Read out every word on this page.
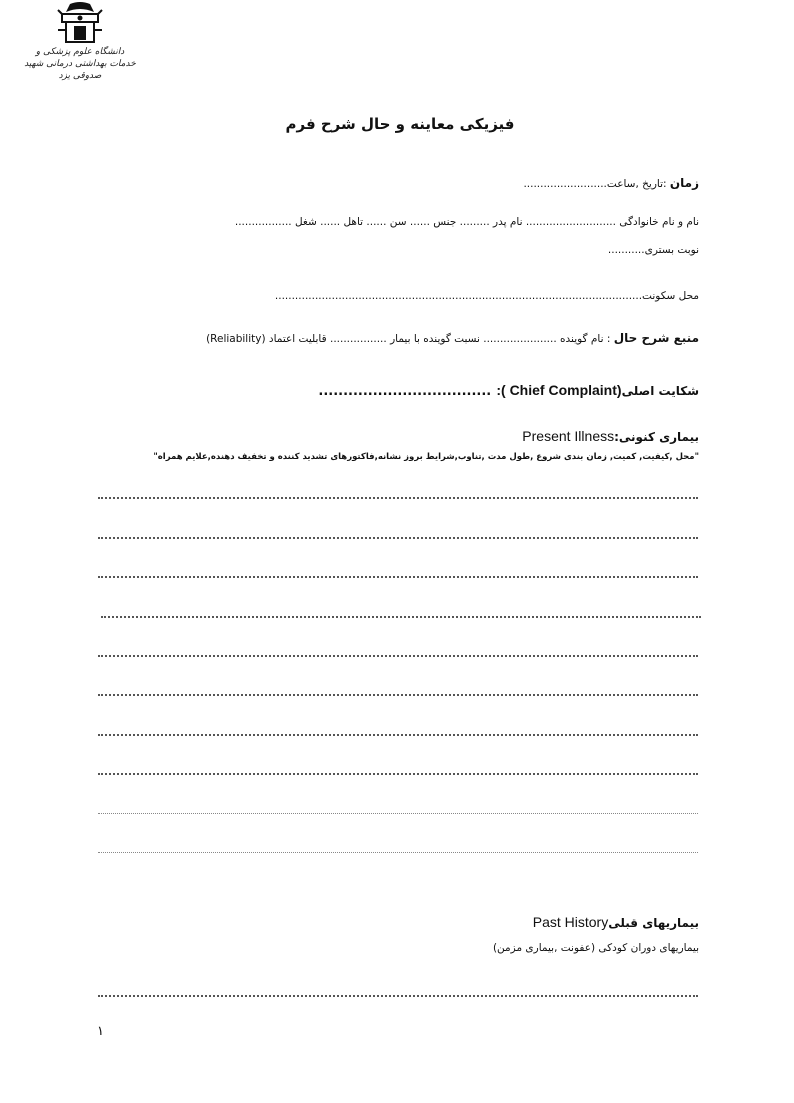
دانشگاه علوم پزشکی و خدمات بهداشتی درمانی شهید صدوقی یزد
فیزیکی معاینه و حال شرح فرم
زمان :تاریخ ,ساعت.........................
نام و نام خانوادگی ........................... نام پدر ......... جنس ...... سن ...... تاهل ...... شغل .................
نوبت بستری...........
محل سکونت..............................................................................................................
منبع شرح حال : نام گوینده ...................... نسبت گوینده با بیمار ................. قابلیت اعتماد (Reliability)
شکایت اصلی(Chief Complaint ): ...................................
بیماری کنونی:Present Illness
"محل ,کیفیت, کمیت, زمان بندی شروع ,طول مدت ,تناوب,شرایط بروز نشانه,فاکتورهای تشدید کننده و تخفیف دهنده,علایم همراه"
بیماریهای قبلیPast History
بیماریهای دوران کودکی (عفونت ,بیماری مزمن)
١
